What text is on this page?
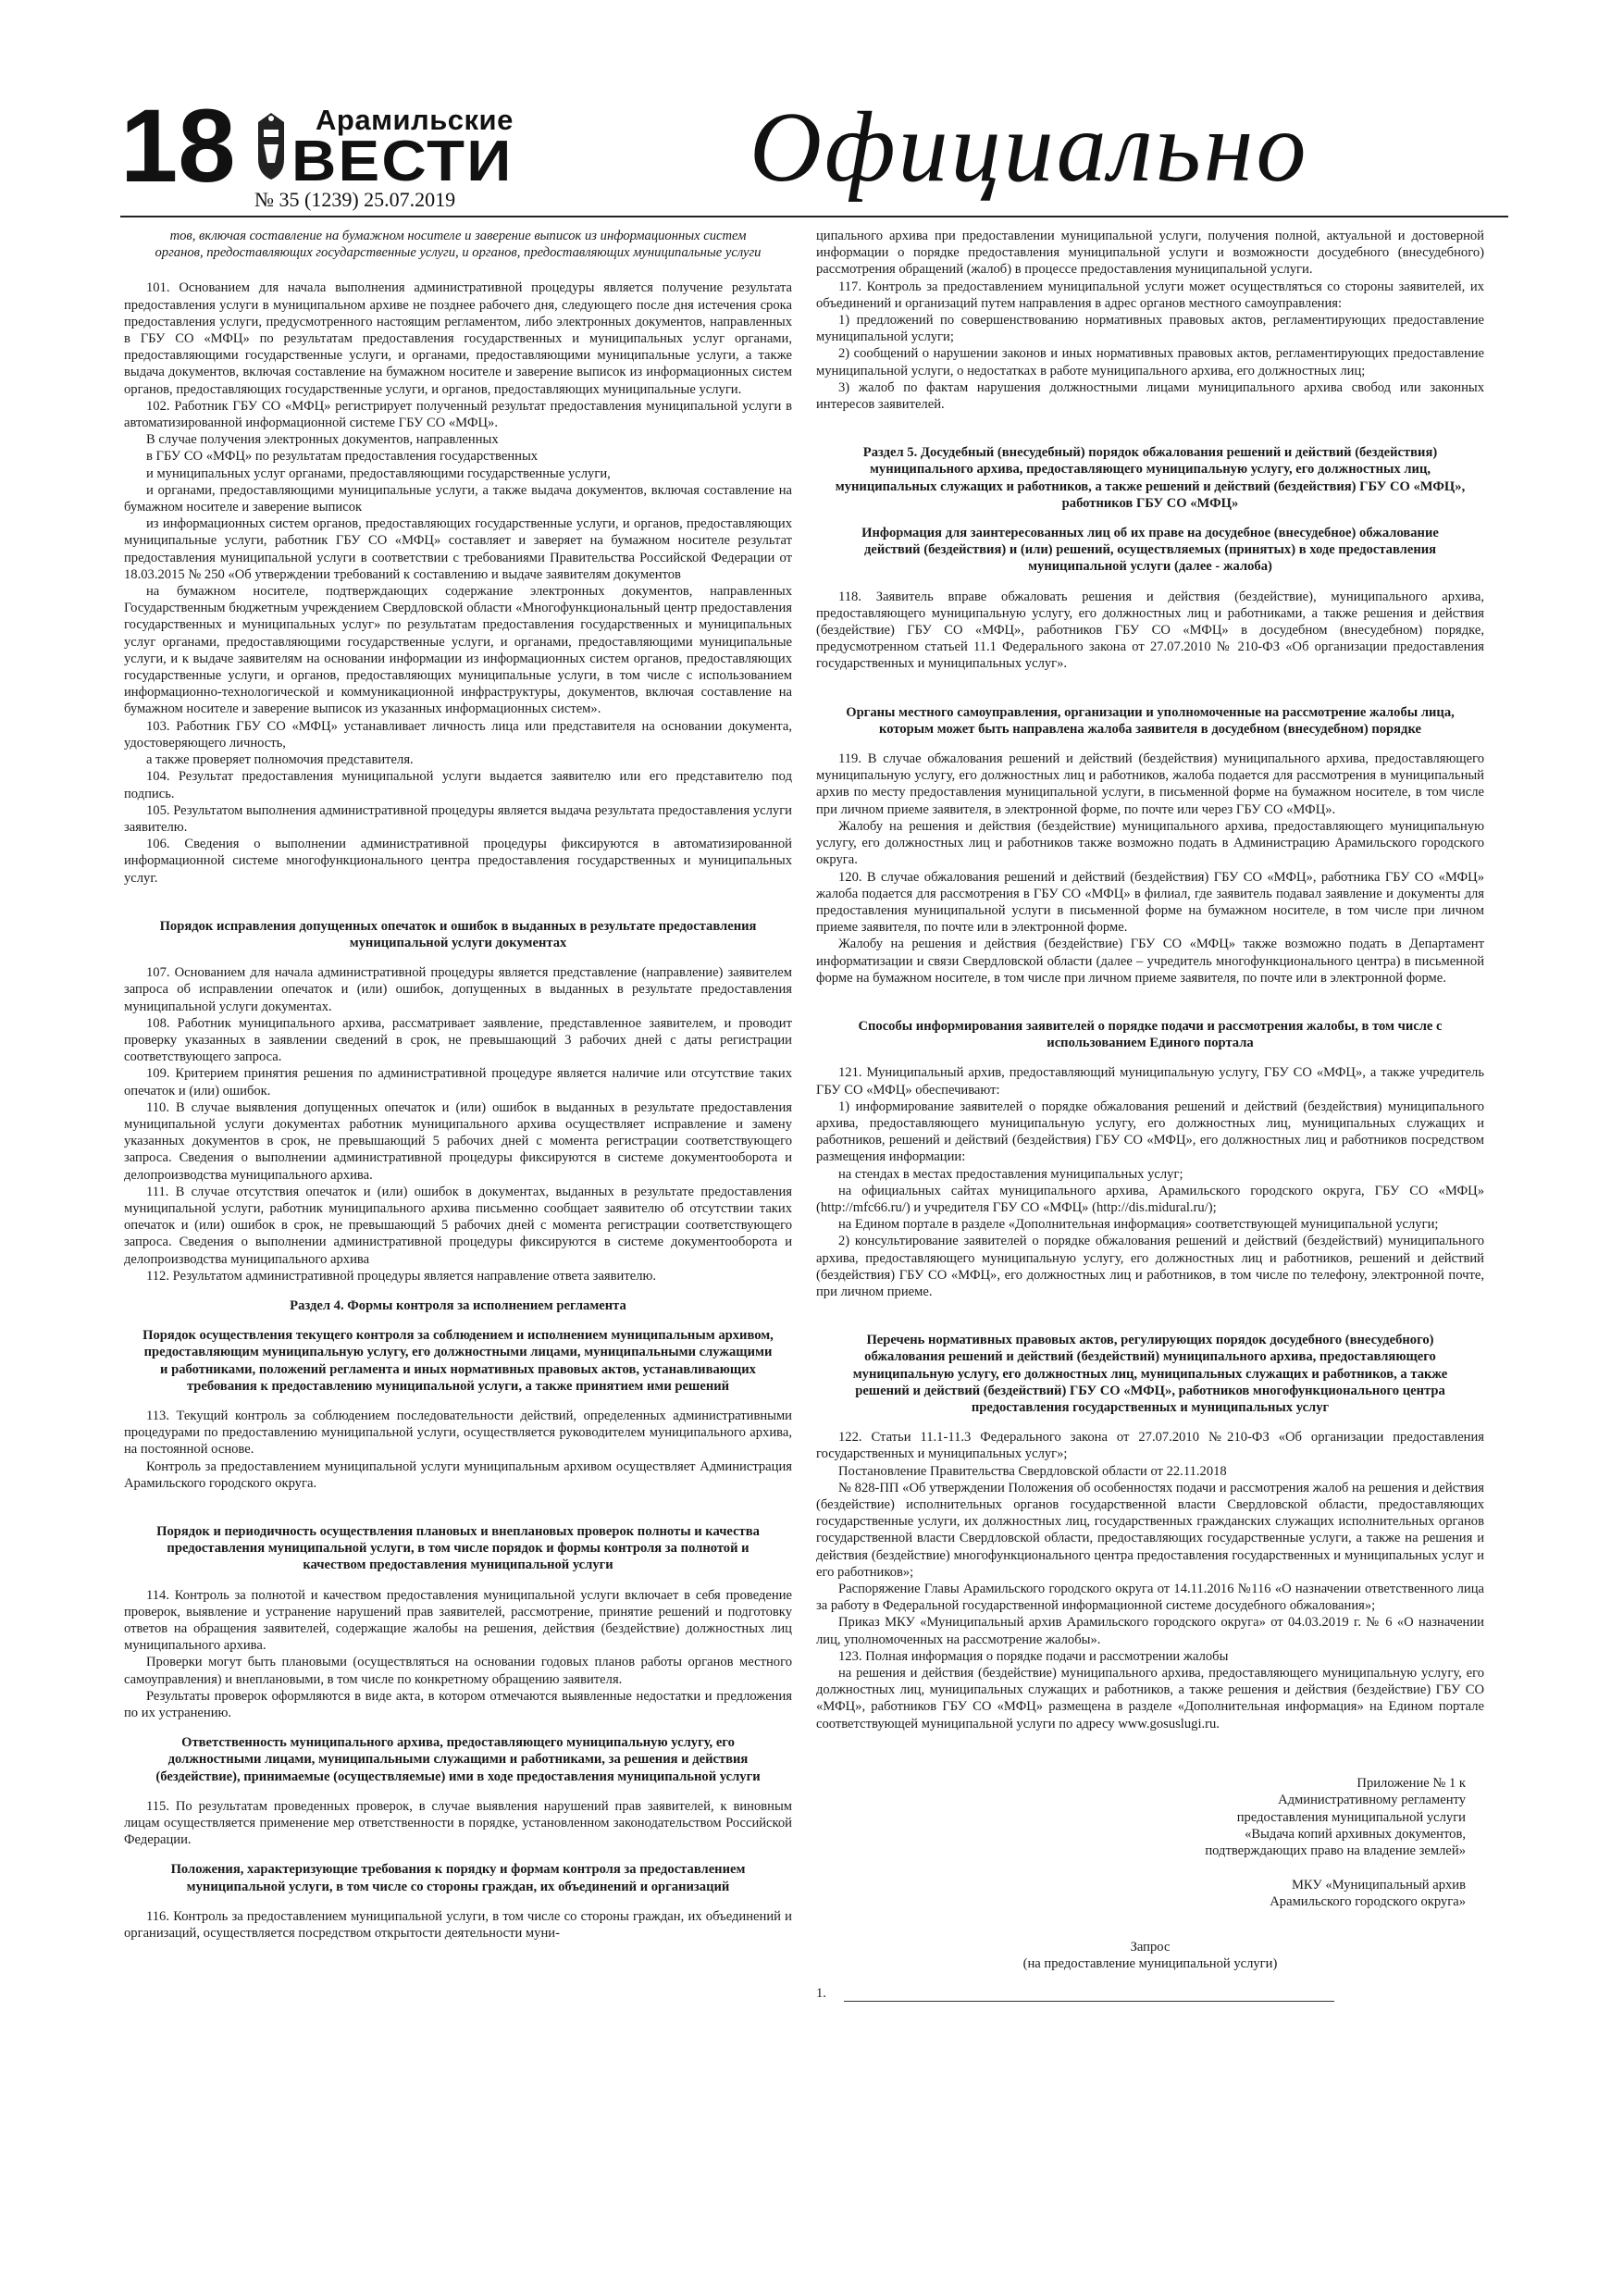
18	Арамильские
ВЕСТИ
№ 35 (1239) 25.07.2019	Официально

тов, включая составление на бумажном носителе и заверение выписок из информационных систем органов, предоставляющих государственные услуги, и органов, предоставляющих муниципальные услуги

101. Основанием для начала выполнения административной процедуры является получение результата предоставления услуги в муниципальном архиве не позднее рабочего дня, следующего после дня истечения срока предоставления услуги, предусмотренного настоящим регламентом, либо электронных документов, направленных в ГБУ СО «МФЦ» по результатам предоставления государственных и муниципальных услуг органами, предоставляющими государственные услуги, и органами, предоставляющими муниципальные услуги, а также выдача документов, включая составление на бумажном носителе и заверение выписок из информационных систем органов, предоставляющих государственные услуги, и органов, предоставляющих муниципальные услуги.

102. Работник ГБУ СО «МФЦ» регистрирует полученный результат предоставления муниципальной услуги в автоматизированной информационной системе ГБУ СО «МФЦ».

В случае получения электронных документов, направленных

в ГБУ СО «МФЦ» по результатам предоставления государственных

и муниципальных услуг органами, предоставляющими государственные услуги,

и органами, предоставляющими муниципальные услуги, а также выдача документов, включая составление на бумажном носителе и заверение выписок

из информационных систем органов, предоставляющих государственные услуги, и органов, предоставляющих муниципальные услуги, работник ГБУ СО «МФЦ» составляет и заверяет на бумажном носителе результат предоставления муниципальной услуги в соответствии с требованиями Правительства Российской Федерации от 18.03.2015 № 250 «Об утверждении требований к составлению и выдаче заявителям документов

на бумажном носителе, подтверждающих содержание электронных документов, направленных Государственным бюджетным учреждением Свердловской области «Многофункциональный центр предоставления государственных и муниципальных услуг» по результатам предоставления государственных и муниципальных услуг органами, предоставляющими государственные услуги, и органами, предоставляющими муниципальные услуги, и к выдаче заявителям на основании информации из информационных систем органов, предоставляющих государственные услуги, и органов, предоставляющих муниципальные услуги, в том числе с использованием информационно-технологической и коммуникационной инфраструктуры, документов, включая составление на бумажном носителе и заверение выписок из указанных информационных систем».

103. Работник ГБУ СО «МФЦ» устанавливает личность лица или представителя на основании документа, удостоверяющего личность,

а также проверяет полномочия представителя.

104. Результат предоставления муниципальной услуги выдается заявителю или его представителю под подпись.

105. Результатом выполнения административной процедуры является выдача результата предоставления услуги заявителю.

106. Сведения о выполнении административной процедуры фиксируются в автоматизированной информационной системе многофункционального центра предоставления государственных и муниципальных услуг.

Порядок исправления допущенных опечаток и ошибок в выданных в результате предоставления муниципальной услуги документах

107. Основанием для начала административной процедуры является представление (направление) заявителем запроса об исправлении опечаток и (или) ошибок, допущенных в выданных в результате предоставления муниципальной услуги документах.

108. Работник муниципального архива, рассматривает заявление, представленное заявителем, и проводит проверку указанных в заявлении сведений в срок, не превышающий 3 рабочих дней с даты регистрации соответствующего запроса.

109. Критерием принятия решения по административной процедуре является наличие или отсутствие таких опечаток и (или) ошибок.

110. В случае выявления допущенных опечаток и (или) ошибок в выданных в результате предоставления муниципальной услуги документах работник муниципального архива осуществляет исправление и замену указанных документов в срок, не превышающий 5 рабочих дней с момента регистрации соответствующего запроса. Сведения о выполнении административной процедуры фиксируются в системе документооборота и делопроизводства муниципального архива.

111. В случае отсутствия опечаток и (или) ошибок в документах, выданных в результате предоставления муниципальной услуги, работник муниципального архива письменно сообщает заявителю об отсутствии таких опечаток и (или) ошибок в срок, не превышающий 5 рабочих дней с момента регистрации соответствующего запроса. Сведения о выполнении административной процедуры фиксируются в системе документооборота и делопроизводства муниципального архива

112. Результатом административной процедуры является направление ответа заявителю.

Раздел 4. Формы контроля за исполнением регламента

Порядок осуществления текущего контроля за соблюдением и исполнением муниципальным архивом, предоставляющим муниципальную услугу, его должностными лицами, муниципальными служащими и работниками, положений регламента и иных нормативных правовых актов, устанавливающих требования к предоставлению муниципальной услуги, а также принятием ими решений

113. Текущий контроль за соблюдением последовательности действий, определенных административными процедурами по предоставлению муниципальной услуги, осуществляется руководителем муниципального архива, на постоянной основе.

Контроль за предоставлением муниципальной услуги муниципальным архивом осуществляет Администрация Арамильского городского округа.

Порядок и периодичность осуществления плановых и внеплановых проверок полноты и качества предоставления муниципальной услуги, в том числе порядок и формы контроля за полнотой и качеством предоставления муниципальной услуги

114. Контроль за полнотой и качеством предоставления муниципальной услуги включает в себя проведение проверок, выявление и устранение нарушений прав заявителей, рассмотрение, принятие решений и подготовку ответов на обращения заявителей, содержащие жалобы на решения, действия (бездействие) должностных лиц муниципального архива.

Проверки могут быть плановыми (осуществляться на основании годовых планов работы органов местного самоуправления) и внеплановыми, в том числе по конкретному обращению заявителя.

Результаты проверок оформляются в виде акта, в котором отмечаются выявленные недостатки и предложения по их устранению.

Ответственность муниципального архива, предоставляющего муниципальную услугу, его должностными лицами, муниципальными служащими и работниками, за решения и действия (бездействие), принимаемые (осуществляемые) ими в ходе предоставления муниципальной услуги

115. По результатам проведенных проверок, в случае выявления нарушений прав заявителей, к виновным лицам осуществляется применение мер ответственности в порядке, установленном законодательством Российской Федерации.

Положения, характеризующие требования к порядку и формам контроля за предоставлением муниципальной услуги, в том числе со стороны граждан, их объединений и организаций

116. Контроль за предоставлением муниципальной услуги, в том числе со стороны граждан, их объединений и организаций, осуществляется посредством открытости деятельности муни-

ципального архива при предоставлении муниципальной услуги, получения полной, актуальной и достоверной информации о порядке предоставления муниципальной услуги и возможности досудебного (внесудебного) рассмотрения обращений (жалоб) в процессе предоставления муниципальной услуги.

117. Контроль за предоставлением муниципальной услуги может осуществляться со стороны заявителей, их объединений и организаций путем направления в адрес органов местного самоуправления:

1) предложений по совершенствованию нормативных правовых актов, регламентирующих предоставление муниципальной услуги;

2) сообщений о нарушении законов и иных нормативных правовых актов, регламентирующих предоставление муниципальной услуги, о недостатках в работе муниципального архива, его должностных лиц;

3) жалоб по фактам нарушения должностными лицами муниципального архива свобод или законных интересов заявителей.

Раздел 5. Досудебный (внесудебный) порядок обжалования решений и действий (бездействия) муниципального архива, предоставляющего муниципальную услугу, его должностных лиц, муниципальных служащих и работников, а также решений и действий (бездействия) ГБУ СО «МФЦ», работников ГБУ СО «МФЦ»

Информация для заинтересованных лиц об их праве на досудебное (внесудебное) обжалование действий (бездействия) и (или) решений, осуществляемых (принятых) в ходе предоставления муниципальной услуги (далее - жалоба)

118. Заявитель вправе обжаловать решения и действия (бездействие), муниципального архива, предоставляющего муниципальную услугу, его должностных лиц и работниками, а также решения и действия (бездействие) ГБУ СО «МФЦ», работников ГБУ СО «МФЦ» в досудебном (внесудебном) порядке, предусмотренном статьей 11.1 Федерального закона от 27.07.2010 № 210-ФЗ «Об организации предоставления государственных и муниципальных услуг».

Органы местного самоуправления, организации и уполномоченные на рассмотрение жалобы лица, которым может быть направлена жалоба заявителя в досудебном (внесудебном) порядке

119. В случае обжалования решений и действий (бездействия) муниципального архива, предоставляющего муниципальную услугу, его должностных лиц и работников, жалоба подается для рассмотрения в муниципальный архив по месту предоставления муниципальной услуги, в письменной форме на бумажном носителе, в том числе при личном приеме заявителя, в электронной форме, по почте или через ГБУ СО «МФЦ».

Жалобу на решения и действия (бездействие) муниципального архива, предоставляющего муниципальную услугу, его должностных лиц и работников также возможно подать в Администрацию Арамильского городского округа.

120. В случае обжалования решений и действий (бездействия) ГБУ СО «МФЦ», работника ГБУ СО «МФЦ» жалоба подается для рассмотрения в ГБУ СО «МФЦ» в филиал, где заявитель подавал заявление и документы для предоставления муниципальной услуги в письменной форме на бумажном носителе, в том числе при личном приеме заявителя, по почте или в электронной форме.

Жалобу на решения и действия (бездействие) ГБУ СО «МФЦ» также возможно подать в Департамент информатизации и связи Свердловской области (далее – учредитель многофункционального центра) в письменной форме на бумажном носителе, в том числе при личном приеме заявителя, по почте или в электронной форме.

Способы информирования заявителей о порядке подачи и рассмотрения жалобы, в том числе с использованием Единого портала

121. Муниципальный архив, предоставляющий муниципальную услугу, ГБУ СО «МФЦ», а также учредитель ГБУ СО «МФЦ» обеспечивают:

1) информирование заявителей о порядке обжалования решений и действий (бездействия) муниципального архива, предоставляющего муниципальную услугу, его должностных лиц, муниципальных служащих и работников, решений и действий (бездействия) ГБУ СО «МФЦ», его должностных лиц и работников посредством размещения информации:

на стендах в местах предоставления муниципальных услуг;

на официальных сайтах муниципального архива, Арамильского городского округа, ГБУ СО «МФЦ» (http://mfc66.ru/) и учредителя ГБУ СО «МФЦ» (http://dis.midural.ru/);

на Едином портале в разделе «Дополнительная информация» соответствующей муниципальной услуги;

2) консультирование заявителей о порядке обжалования решений и действий (бездействий) муниципального архива, предоставляющего муниципальную услугу, его должностных лиц и работников, решений и действий (бездействия) ГБУ СО «МФЦ», его должностных лиц и работников, в том числе по телефону, электронной почте, при личном приеме.

Перечень нормативных правовых актов, регулирующих порядок досудебного (внесудебного) обжалования решений и действий (бездействий) муниципального архива, предоставляющего муниципальную услугу, его должностных лиц, муниципальных служащих и работников, а также решений и действий (бездействий) ГБУ СО «МФЦ», работников многофункционального центра предоставления государственных и муниципальных услуг

122. Статьи 11.1-11.3 Федерального закона от 27.07.2010 №210-ФЗ «Об организации предоставления государственных и муниципальных услуг»;

Постановление Правительства Свердловской области от 22.11.2018

№ 828-ПП «Об утверждении Положения об особенностях подачи и рассмотрения жалоб на решения и действия (бездействие) исполнительных органов государственной власти Свердловской области, предоставляющих государственные услуги, их должностных лиц, государственных гражданских служащих исполнительных органов государственной власти Свердловской области, предоставляющих государственные услуги, а также на решения и действия (бездействие) многофункционального центра предоставления государственных и муниципальных услуг и его работников»;

Распоряжение Главы Арамильского городского округа от 14.11.2016 №116 «О назначении ответственного лица за работу в Федеральной государственной информационной системе досудебного обжалования»;

Приказ МКУ «Муниципальный архив Арамильского городского округа» от 04.03.2019 г. № 6 «О назначении лиц, уполномоченных на рассмотрение жалобы».

123. Полная информация о порядке подачи и рассмотрении жалобы

на решения и действия (бездействие) муниципального архива, предоставляющего муниципальную услугу, его должностных лиц, муниципальных служащих и работников, а также решения и действия (бездействие) ГБУ СО «МФЦ», работников ГБУ СО «МФЦ» размещена в разделе «Дополнительная информация» на Едином портале соответствующей муниципальной услуги по адресу www.gosuslugi.ru.

Приложение № 1 к

Административному регламенту

предоставления муниципальной услуги

«Выдача копий архивных документов,

подтверждающих право на владение землей»

МКУ «Муниципальный архив

Арамильского городского округа»

Запрос

(на предоставление муниципальной услуги)

1.
